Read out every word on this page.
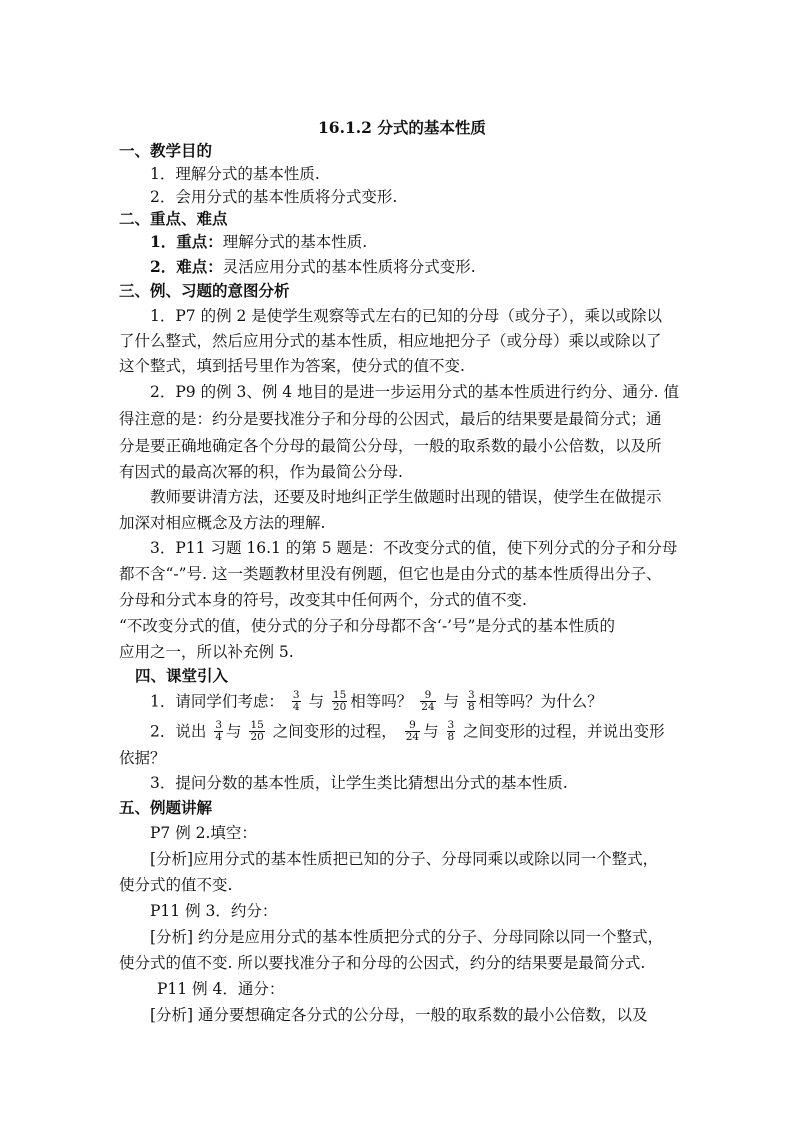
16.1.2 分式的基本性质
一、教学目的
1．理解分式的基本性质.
2．会用分式的基本性质将分式变形.
二、重点、难点
1．重点：理解分式的基本性质.
2．难点：灵活应用分式的基本性质将分式变形.
三、例、习题的意图分析
1．P7 的例 2 是使学生观察等式左右的已知的分母（或分子），乘以或除以
了什么整式，然后应用分式的基本性质，相应地把分子（或分母）乘以或除以了
这个整式，填到括号里作为答案，使分式的值不变.
2．P9 的例 3、例 4 地目的是进一步运用分式的基本性质进行约分、通分. 值
得注意的是：约分是要找准分子和分母的公因式，最后的结果要是最简分式；通
分是要正确地确定各个分母的最简公分母，一般的取系数的最小公倍数，以及所
有因式的最高次幂的积，作为最简公分母.
教师要讲清方法，还要及时地纠正学生做题时出现的错误，使学生在做提示
加深对相应概念及方法的理解.
3．P11 习题 16.1 的第 5 题是：不改变分式的值，使下列分式的分子和分母
都不含“-”号. 这一类题教材里没有例题，但它也是由分式的基本性质得出分子、
分母和分式本身的符号，改变其中任何两个，分式的值不变.
“不改变分式的值，使分式的分子和分母都不含‘-’号”是分式的基本性质的
应用之一，所以补充例 5.
四、课堂引入
1．请同学们考虑： $\frac{3}{4}$ 与 $\frac{15}{20}$ 相等吗？ $\frac{9}{24}$ 与 $\frac{3}{8}$ 相等吗？为什么？
2．说出 $\frac{3}{4}$ 与 $\frac{15}{20}$ 之间变形的过程， $\frac{9}{24}$ 与 $\frac{3}{8}$ 之间变形的过程，并说出变形
依据？
3．提问分数的基本性质，让学生类比猜想出分式的基本性质.
五、例题讲解
P7 例 2.填空：
[分析]应用分式的基本性质把已知的分子、分母同乘以或除以同一个整式，
使分式的值不变.
P11 例 3．约分：
[分析] 约分是应用分式的基本性质把分式的分子、分母同除以同一个整式，
使分式的值不变. 所以要找准分子和分母的公因式，约分的结果要是最简分式.
P11 例 4．通分：
[分析] 通分要想确定各分式的公分母，一般的取系数的最小公倍数，以及
